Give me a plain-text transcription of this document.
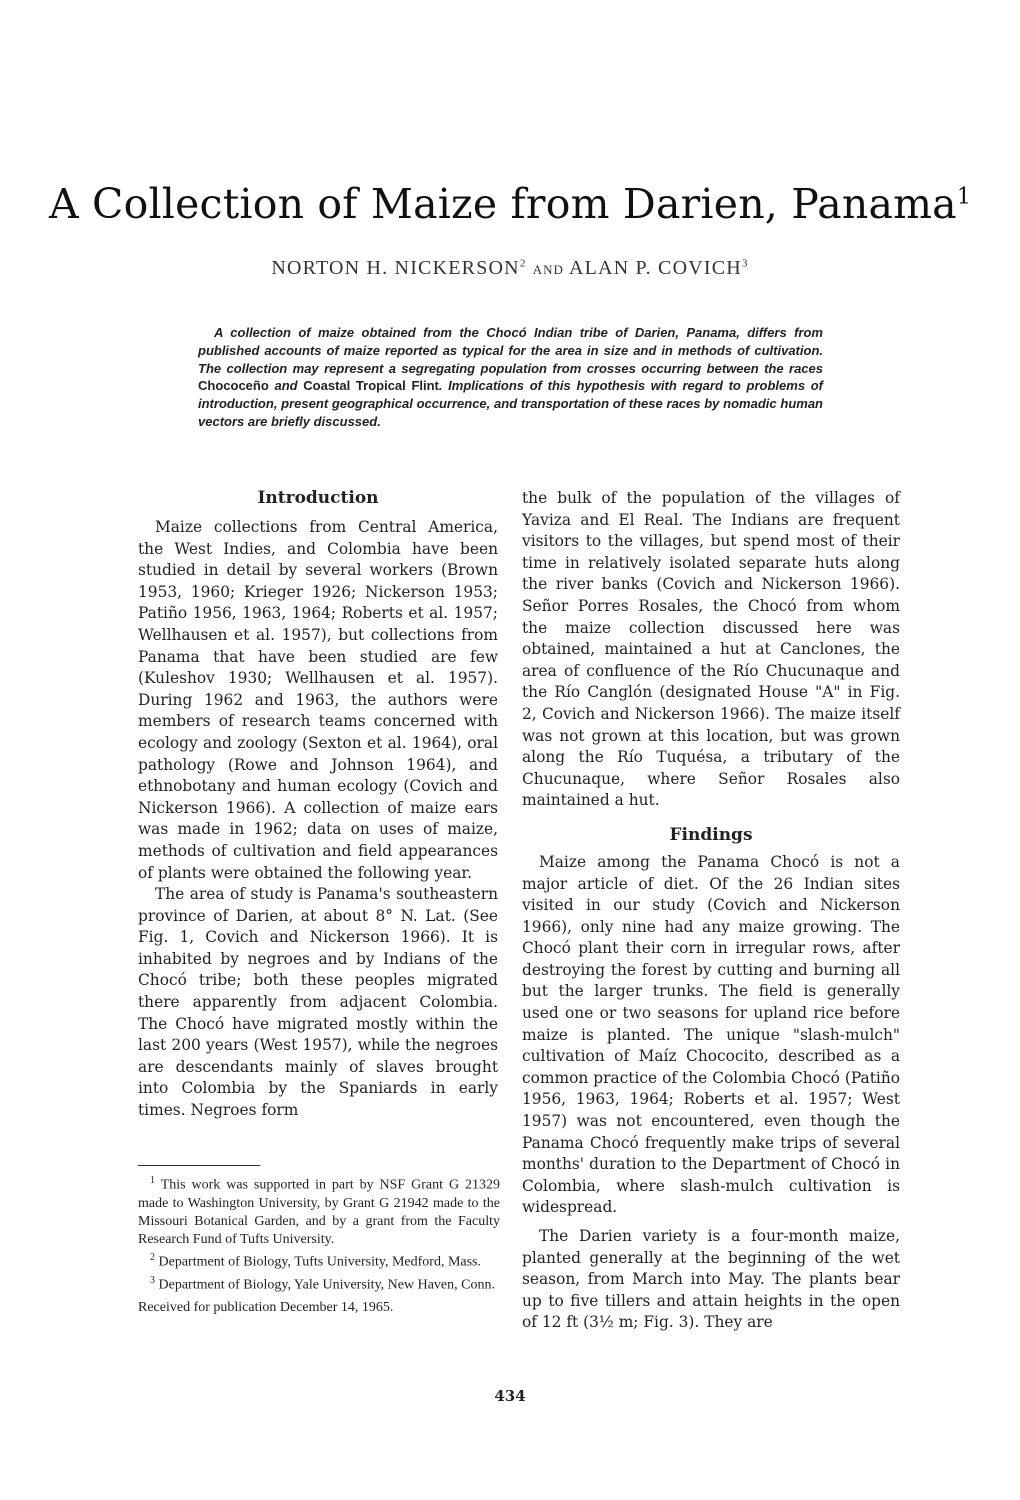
A Collection of Maize from Darien, Panama$^1$
NORTON H. NICKERSON$^2$ AND ALAN P. COVICH$^3$

A collection of maize obtained from the Chocó Indian tribe of Darien, Panama, differs from published accounts of maize reported as typical for the area in size and in methods of cultivation. The collection may represent a segregating population from crosses occurring between the races Chococeño and Coastal Tropical Flint. Implications of this hypothesis with regard to problems of introduction, present geographical occurrence, and transportation of these races by nomadic human vectors are briefly discussed.

Introduction

Maize collections from Central America, the West Indies, and Colombia have been studied in detail by several workers (Brown 1953, 1960; Krieger 1926; Nickerson 1953; Patiño 1956, 1963, 1964; Roberts et al. 1957; Wellhausen et al. 1957), but collections from Panama that have been studied are few (Kuleshov 1930; Wellhausen et al. 1957). During 1962 and 1963, the authors were members of research teams concerned with ecology and zoology (Sexton et al. 1964), oral pathology (Rowe and Johnson 1964), and ethnobotany and human ecology (Covich and Nickerson 1966). A collection of maize ears was made in 1962; data on uses of maize, methods of cultivation and field appearances of plants were obtained the following year.

The area of study is Panama's southeastern province of Darien, at about 8° N. Lat. (See Fig. 1, Covich and Nickerson 1966). It is inhabited by negroes and by Indians of the Chocó tribe; both these peoples migrated there apparently from adjacent Colombia. The Chocó have migrated mostly within the last 200 years (West 1957), while the negroes are descendants mainly of slaves brought into Colombia by the Spaniards in early times. Negroes form

the bulk of the population of the villages of Yaviza and El Real. The Indians are frequent visitors to the villages, but spend most of their time in relatively isolated separate huts along the river banks (Covich and Nickerson 1966). Señor Porres Rosales, the Chocó from whom the maize collection discussed here was obtained, maintained a hut at Canclones, the area of confluence of the Río Chucunaque and the Río Canglón (designated House "A" in Fig. 2, Covich and Nickerson 1966). The maize itself was not grown at this location, but was grown along the Río Tuquésa, a tributary of the Chucunaque, where Señor Rosales also maintained a hut.

Findings

Maize among the Panama Chocó is not a major article of diet. Of the 26 Indian sites visited in our study (Covich and Nickerson 1966), only nine had any maize growing. The Chocó plant their corn in irregular rows, after destroying the forest by cutting and burning all but the larger trunks. The field is generally used one or two seasons for upland rice before maize is planted. The unique "slash-mulch" cultivation of Maíz Chococito, described as a common practice of the Colombia Chocó (Patiño 1956, 1963, 1964; Roberts et al. 1957; West 1957) was not encountered, even though the Panama Chocó frequently make trips of several months' duration to the Department of Chocó in Colombia, where slash-mulch cultivation is widespread.

The Darien variety is a four-month maize, planted generally at the beginning of the wet season, from March into May. The plants bear up to five tillers and attain heights in the open of 12 ft (3½ m; Fig. 3). They are

$^1$ This work was supported in part by NSF Grant G 21329 made to Washington University, by Grant G 21942 made to the Missouri Botanical Garden, and by a grant from the Faculty Research Fund of Tufts University.

$^2$ Department of Biology, Tufts University, Medford, Mass.

$^3$ Department of Biology, Yale University, New Haven, Conn.

Received for publication December 14, 1965.

434
